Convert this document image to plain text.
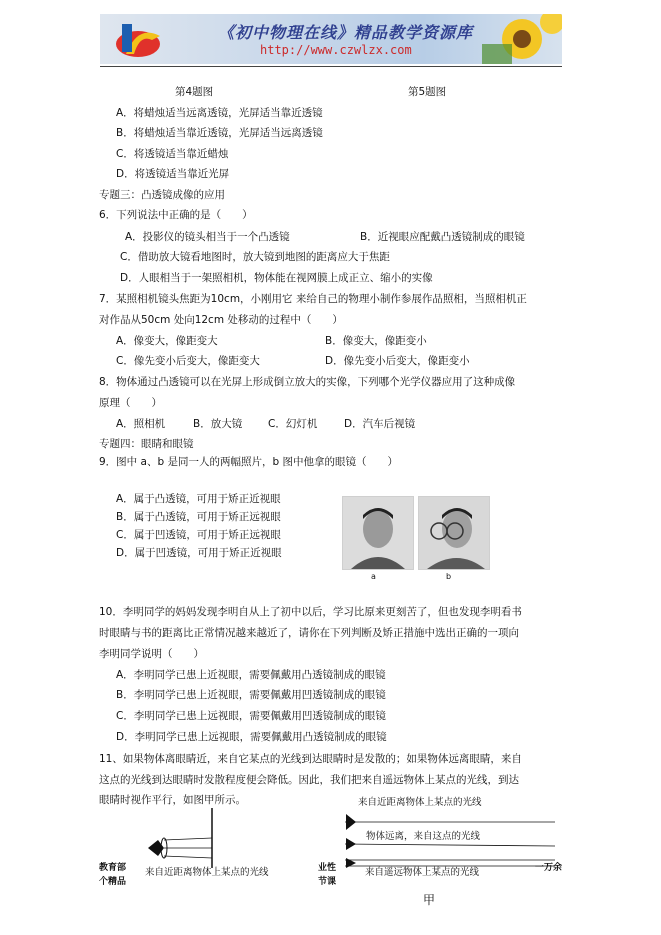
《初中物理在线》精品教学资源库
http://www.czwlzx.com
第4题图	第5题图
A．将蜡烛适当远离透镜，光屏适当靠近透镜
B．将蜡烛适当靠近透镜，光屏适当远离透镜
C．将透镜适当靠近蜡烛
D．将透镜适当靠近光屏
专题三：凸透镜成像的应用
6．下列说法中正确的是（　　）
A．投影仪的镜头相当于一个凸透镜	B．近视眼应配戴凸透镜制成的眼镜
C．借助放大镜看地图时，放大镜到地图的距离应大于焦距
D．人眼相当于一架照相机，物体能在视网膜上成正立、缩小的实像
7．某照相机镜头焦距为10cm，小刚用它 来给自己的物理小制作参展作品照相，当照相机正
对作品从50cm 处向12cm 处移动的过程中（　　）
A．像变大，像距变大	B．像变大，像距变小
C．像先变小后变大，像距变大	D．像先变小后变大，像距变小
8．物体通过凸透镜可以在光屏上形成倒立放大的实像，下列哪个光学仪器应用了这种成像
原理（　　）
A．照相机	B．放大镜 C．幻灯机	D．汽车后视镜
专题四：眼睛和眼镜
9．图中 a、b 是同一人的两幅照片，b 图中他拿的眼镜（　　）
A．属于凸透镜，可用于矫正近视眼
B．属于凸透镜，可用于矫正远视眼
C．属于凹透镜，可用于矫正远视眼
D．属于凹透镜，可用于矫正近视眼
a	b
10．李明同学的妈妈发现李明自从上了初中以后，学习比原来更刻苦了，但也发现李明看书
时眼睛与书的距离比正常情况越来越近了，请你在下列判断及矫正措施中选出正确的一项向
李明同学说明（　　）
A．李明同学已患上近视眼，需要佩戴用凸透镜制成的眼镜
B．李明同学已患上近视眼，需要佩戴用凹透镜制成的眼镜
C．李明同学已患上远视眼，需要佩戴用凹透镜制成的眼镜
D．李明同学已患上远视眼，需要佩戴用凸透镜制成的眼镜
11、如果物体离眼睛近，来自它某点的光线到达眼睛时是发散的；如果物体远离眼睛，来自
这点的光线到达眼睛时发散程度便会降低。因此，我们把来自遥远物体上某点的光线，到达
眼睛时视作平行，如图甲所示。
来自近距离物体上某点的光线
来自近距离物体上某点的光线
物体远离，来自这点的光线
来自遥远物体上某点的光线
教育部
个精品
业性
节课
一万余
甲
